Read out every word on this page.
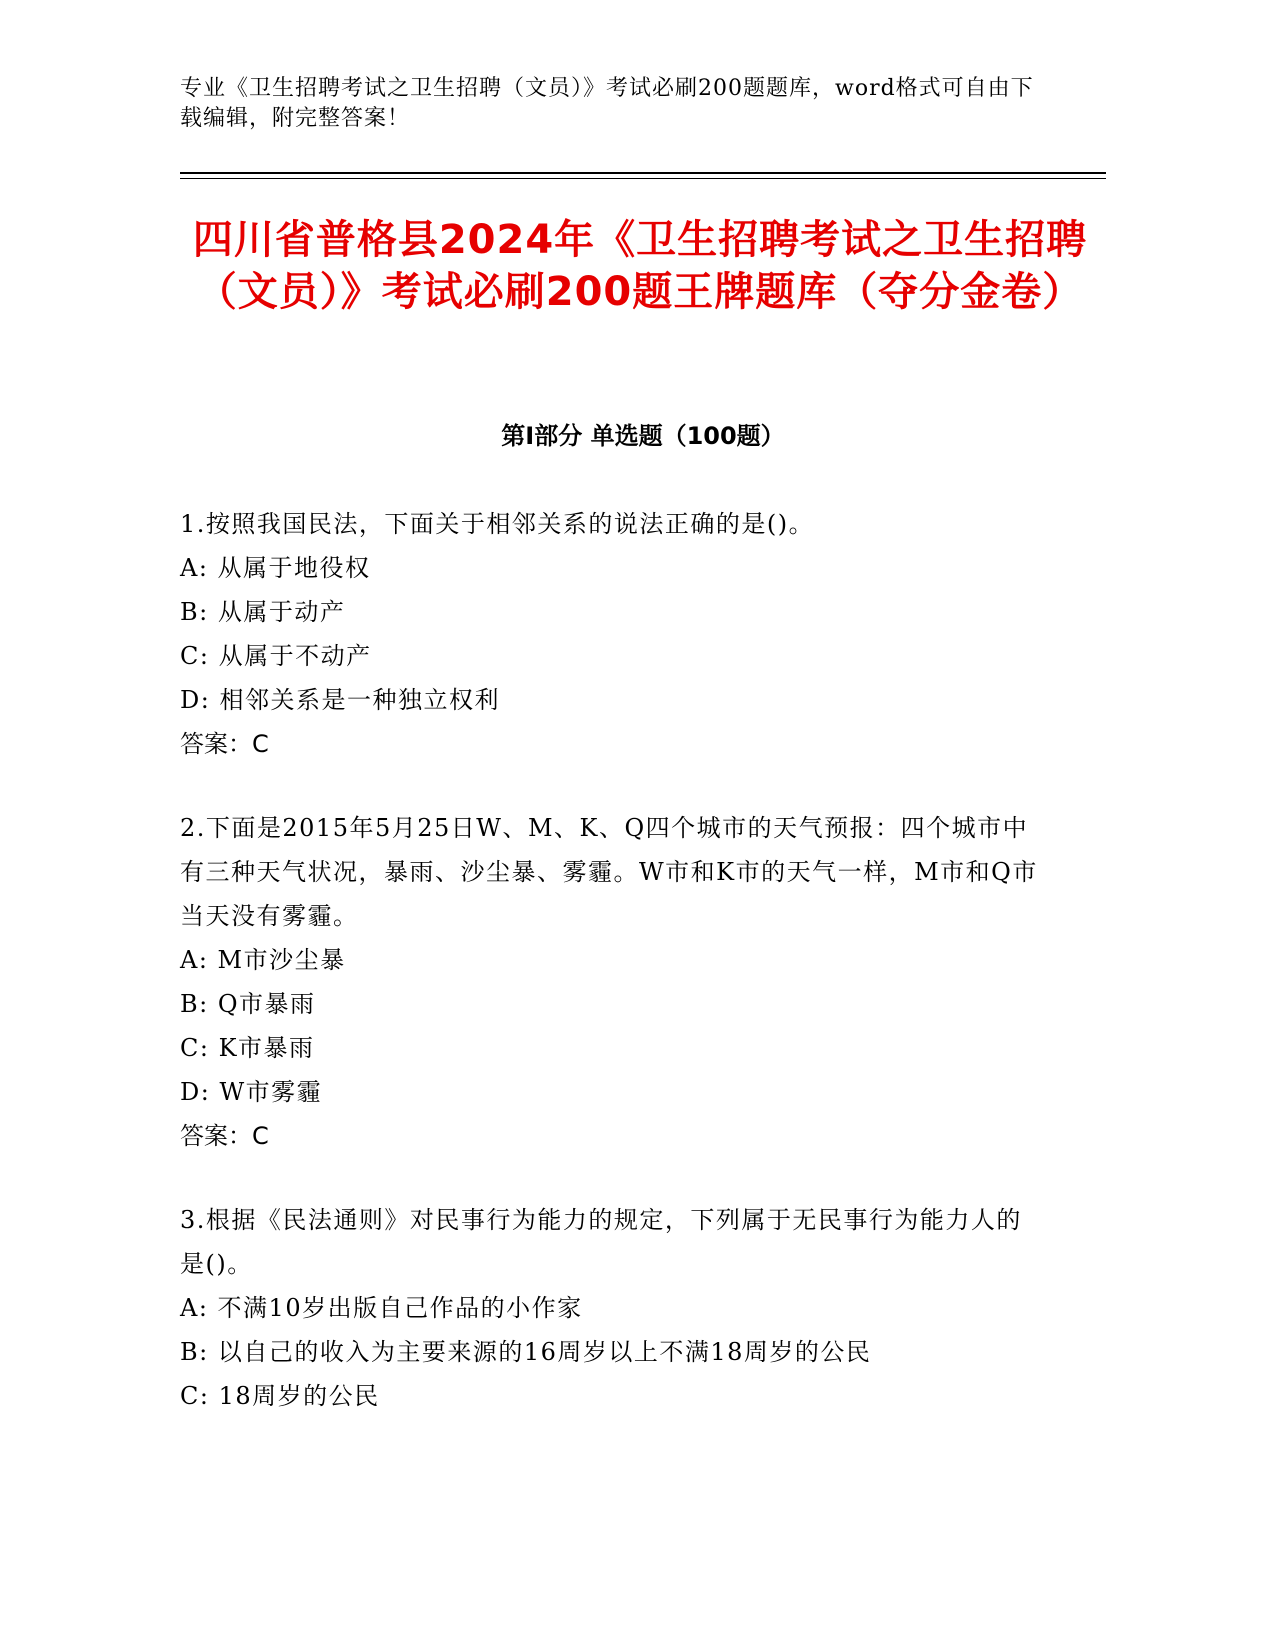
专业《卫生招聘考试之卫生招聘（文员）》考试必刷200题题库，word格式可自由下载编辑，附完整答案！
四川省普格县2024年《卫生招聘考试之卫生招聘（文员）》考试必刷200题王牌题库（夺分金卷）
第I部分 单选题（100题）
1.按照我国民法，下面关于相邻关系的说法正确的是()。
A: 从属于地役权
B: 从属于动产
C: 从属于不动产
D: 相邻关系是一种独立权利
答案：C
2.下面是2015年5月25日W、M、K、Q四个城市的天气预报：四个城市中有三种天气状况，暴雨、沙尘暴、雾霾。W市和K市的天气一样，M市和Q市当天没有雾霾。
A: M市沙尘暴
B: Q市暴雨
C: K市暴雨
D: W市雾霾
答案：C
3.根据《民法通则》对民事行为能力的规定，下列属于无民事行为能力人的是()。
A: 不满10岁出版自己作品的小作家
B: 以自己的收入为主要来源的16周岁以上不满18周岁的公民
C: 18周岁的公民
